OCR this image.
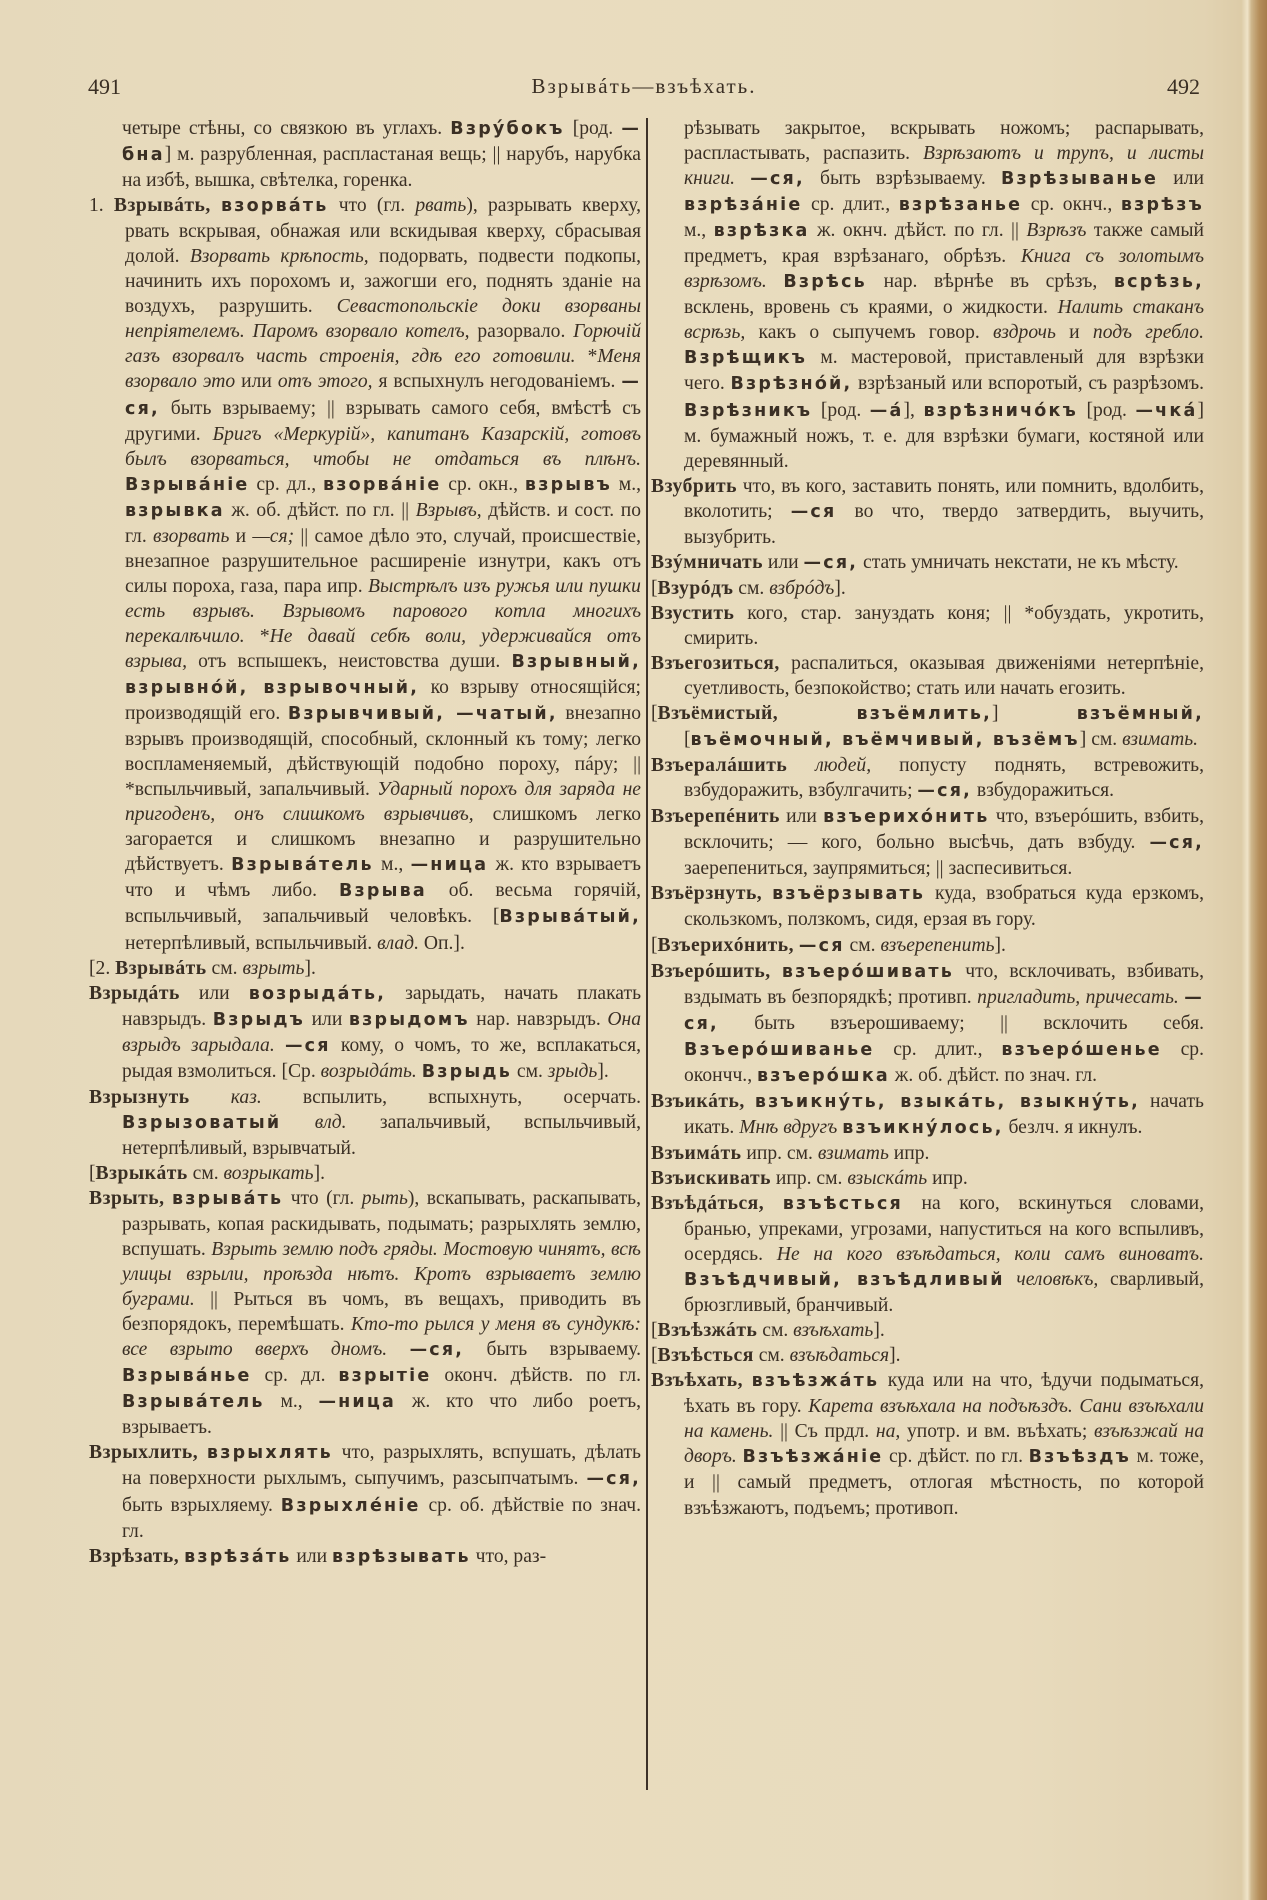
491	Взрывáть—взъѣхать.	492

четыре стѣны, со связкою въ углахъ. Взрýбокъ [род. —бна] м. разрубленная, распластаная вещь; || нарубъ, нарубка на избѣ, вышка, свѣтелка, горенка.

1. Взрывáть, взорвáть что (гл. рвать), разрывать кверху, рвать вскрывая, обнажая или вскидывая кверху, сбрасывая долой. Взорвать крѣпость, подорвать, подвести подкопы, начинить ихъ порохомъ и, зажогши его, поднять зданіе на воздухъ, разрушить. Севастопольскіе доки взорваны непріятелемъ. Паромъ взорвало котелъ, разорвало. Горючій газъ взорвалъ часть строенія, гдѣ его готовили. *Меня взорвало это или отъ этого, я вспыхнулъ негодованіемъ. —ся, быть взрываему; || взрывать самого себя, вмѣстѣ съ другими. Бригъ «Меркурій», капитанъ Казарскій, готовъ былъ взорваться, чтобы не отдаться въ плѣнъ. Взрывáніе ср. дл., взорвáніе ср. окн., взрывъ м., взрывка ж. об. дѣйст. по гл. || Взрывъ, дѣйств. и сост. по гл. взорвать и —ся; || самое дѣло это, случай, происшествіе, внезапное разрушительное расширеніе изнутри, какъ отъ силы пороха, газа, пара ипр. Выстрѣлъ изъ ружья или пушки есть взрывъ. Взрывомъ парового котла многихъ перекалѣчило. *Не давай себѣ воли, удерживайся отъ взрыва, отъ вспышекъ, неистовства души. Взрывный, взрывнóй, взрывочный, ко взрыву относящійся; производящій его. Взрывчивый, —чатый, внезапно взрывъ производящій, способный, склонный къ тому; легко воспламеняемый, дѣйствующій подобно пороху, пáру; || *вспыльчивый, запальчивый. Ударный порохъ для заряда не пригоденъ, онъ слишкомъ взрывчивъ, слишкомъ легко загорается и слишкомъ внезапно и разрушительно дѣйствуетъ. Взрывáтель м., —ница ж. кто взрываетъ что и чѣмъ либо. Взрыва об. весьма горячій, вспыльчивый, запальчивый человѣкъ. [Взрывáтый, нетерпѣливый, вспыльчивый. влад. Оп.].

[2. Взрывáть см. взрыть].

Взрыдáть или возрыдáть, зарыдать, начать плакать навзрыдъ. Взрыдъ или взрыдомъ нар. навзрыдъ. Она взрыдъ зарыдала. —ся кому, о чомъ, то же, всплакаться, рыдая взмолиться. [Ср. возрыдáть. Взрыдь см. зрыдь].

Взрызнуть каз. вспылить, вспыхнуть, осерчать. Взрызоватый влд. запальчивый, вспыльчивый, нетерпѣливый, взрывчатый.

[Взрыкáть см. возрыкать].

Взрыть, взрывáть что (гл. рыть), вскапывать, раскапывать, разрывать, копая раскидывать, подымать; разрыхлять землю, вспушать. Взрыть землю подъ гряды. Мостовую чинятъ, всѣ улицы взрыли, проѣзда нѣтъ. Кротъ взрываетъ землю буграми. || Рыться въ чомъ, въ вещахъ, приводить въ безпорядокъ, перемѣшать. Кто-то рылся у меня въ сундукѣ: все взрыто вверхъ дномъ. —ся, быть взрываему. Взрывáнье ср. дл. взрытіе оконч. дѣйств. по гл. Взрывáтель м., —ница ж. кто что либо роетъ, взрываетъ.

Взрыхлить, взрыхлять что, разрыхлять, вспушать, дѣлать на поверхности рыхлымъ, сыпучимъ, разсыпчатымъ. —ся, быть взрыхляему. Взрыхлéніе ср. об. дѣйствіе по знач. гл.

Взрѣзать, взрѣзáть или взрѣзывать что, раз-

рѣзывать закрытое, вскрывать ножомъ; распарывать, распластывать, распазить. Взрѣзаютъ и трупъ, и листы книги. —ся, быть взрѣзываему. Взрѣзыванье или взрѣзáніе ср. длит., взрѣзанье ср. окнч., взрѣзъ м., взрѣзка ж. окнч. дѣйст. по гл. || Взрѣзъ также самый предметъ, края взрѣзанаго, обрѣзъ. Книга съ золотымъ взрѣзомъ. Взрѣсь нар. вѣрнѣе въ срѣзъ, всрѣзь, всклень, вровень съ краями, о жидкости. Налить стаканъ всрѣзь, какъ о сыпучемъ говор. вздрочь и подъ гребло. Взрѣщикъ м. мастеровой, приставленый для взрѣзки чего. Взрѣзнóй, взрѣзаный или вспоротый, съ разрѣзомъ. Взрѣзникъ [род. —á], взрѣзничóкъ [род. —чкá] м. бумажный ножъ, т. е. для взрѣзки бумаги, костяной или деревянный.

Взубрить что, въ кого, заставить понять, или помнить, вдолбить, вколотить; —ся во что, твердо затвердить, выучить, вызубрить.

Взýмничать или —ся, стать умничать некстати, не къ мѣсту.

[Взурóдъ см. взбрóдъ].

Взустить кого, стар. зануздать коня; || *обуздать, укротить, смирить.

Взъегозиться, распалиться, оказывая движеніями нетерпѣніе, суетливость, безпокойство; стать или начать егозить.

[Взъёмистый,	взъёмлить,] взъёмный, [въёмочный, въёмчивый, възёмъ] см. взимать.

Взъералáшить людей, попусту поднять, встревожить, взбудоражить, взбулгачить; —ся, взбудоражиться.

Взъерепéнить или взъерихóнить что, взъерóшить, взбить, всклочить; — кого, больно высѣчь, дать взбуду. —ся, заерепениться, заупрямиться; || заспесивиться.

Взъёрзнуть, взъёрзывать куда, взобраться куда ерзкомъ, скользкомъ, ползкомъ, сидя, ерзая въ гору.

[Взъерихóнить, —ся см. взъерепенить].

Взъерóшить, взъерóшивать что, всклочивать, взбивать, вздымать въ безпорядкѣ; противп. пригладить, причесать. —ся, быть взъерошиваему; || всклочить себя. Взъерóшиванье ср. длит., взъерóшенье ср. окончч., взъерóшка ж. об. дѣйст. по знач. гл.

Взъикáть, взъикнýть, взыкáть, взыкнýть, начать икать. Мнѣ вдругъ взъикнýлось, безлч. я икнулъ.

Взъимáть ипр. см. взимать ипр.

Взъискивать ипр. см. взыскáть ипр.

Взъѣдáться, взъѣсться на кого, вскинуться словами, бранью, упреками, угрозами, напуститься на кого вспыливъ, осердясь. Не на кого взъѣдаться, коли самъ виноватъ. Взъѣдчивый, взъѣдливый человѣкъ, сварливый, брюзгливый, бранчивый.

[Взъѣзжáть см. взъѣхать].

[Взъѣсться см. взъѣдаться].

Взъѣхать, взъѣзжáть куда или на что, ѣдучи подыматься, ѣхать въ гору. Карета взъѣхала на подъѣздъ. Сани взъѣхали на камень. || Съ прдл. на, употр. и вм. въѣхать; взъѣзжай на дворъ. Взъѣзжáніе ср. дѣйст. по гл. Взъѣздъ м. тоже, и || самый предметъ, отлогая мѣстность, по которой взъѣзжаютъ, подъемъ; противоп.
